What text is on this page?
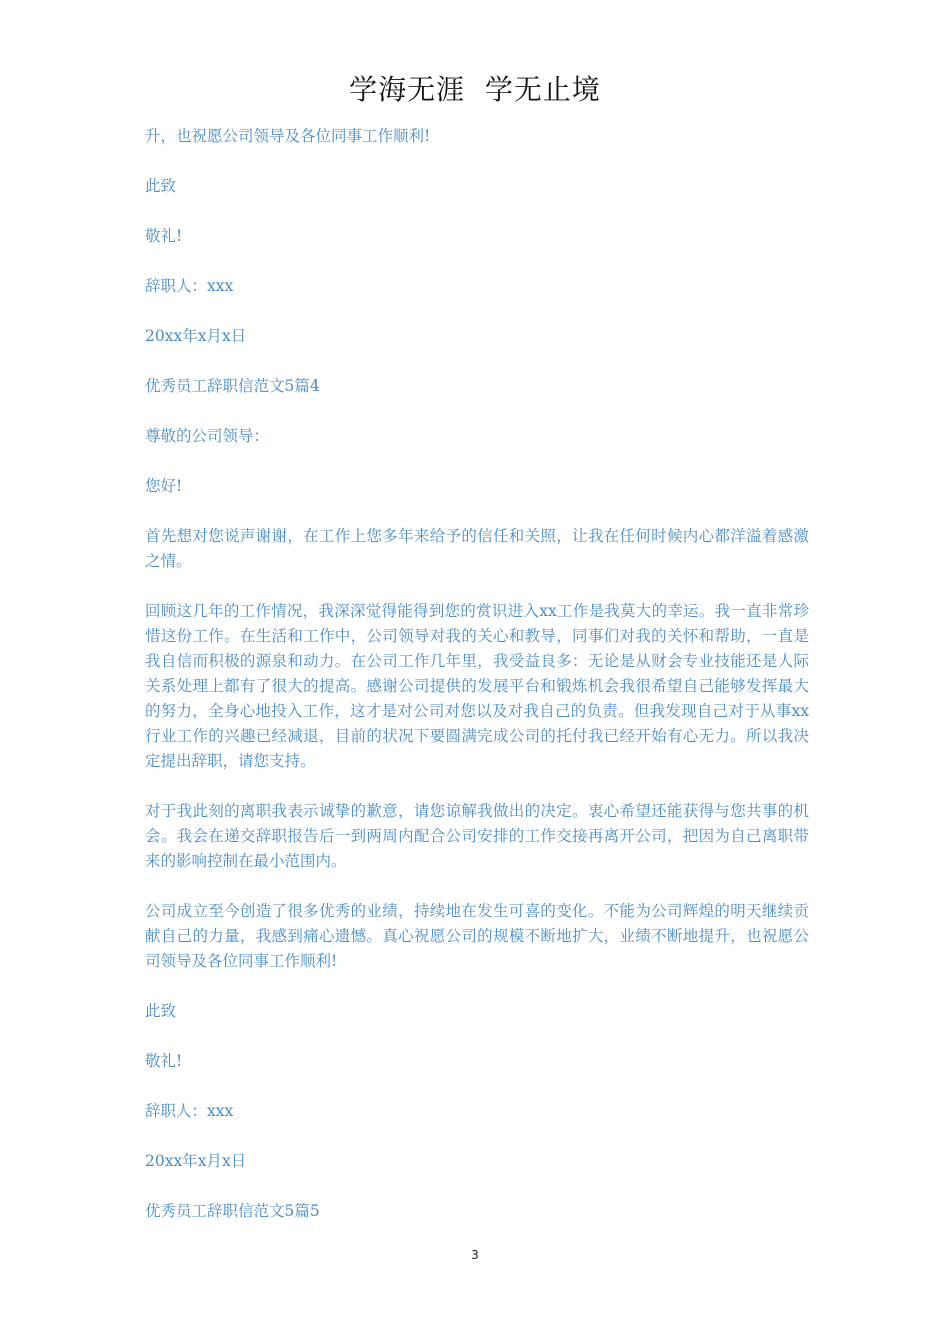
学海无涯  学无止境

升，也祝愿公司领导及各位同事工作顺利!

此致

敬礼!

辞职人：xxx

20xx年x月x日

优秀员工辞职信范文5篇4

尊敬的公司领导：

您好!

首先想对您说声谢谢，在工作上您多年来给予的信任和关照，让我在任何时候内心都洋溢着感激之情。

回顾这几年的工作情况，我深深觉得能得到您的赏识进入xx工作是我莫大的幸运。我一直非常珍惜这份工作。在生活和工作中，公司领导对我的关心和教导，同事们对我的关怀和帮助，一直是我自信而积极的源泉和动力。在公司工作几年里，我受益良多：无论是从财会专业技能还是人际关系处理上都有了很大的提高。感谢公司提供的发展平台和锻炼机会我很希望自己能够发挥最大的努力，全身心地投入工作，这才是对公司对您以及对我自己的负责。但我发现自己对于从事xx行业工作的兴趣已经减退，目前的状况下要圆满完成公司的托付我已经开始有心无力。所以我决定提出辞职，请您支持。

对于我此刻的离职我表示诚挚的歉意，请您谅解我做出的决定。衷心希望还能获得与您共事的机会。我会在递交辞职报告后一到两周内配合公司安排的工作交接再离开公司，把因为自己离职带来的影响控制在最小范围内。

公司成立至今创造了很多优秀的业绩，持续地在发生可喜的变化。不能为公司辉煌的明天继续贡献自己的力量，我感到痛心遗憾。真心祝愿公司的规模不断地扩大，业绩不断地提升，也祝愿公司领导及各位同事工作顺利!

此致

敬礼!

辞职人：xxx

20xx年x月x日

优秀员工辞职信范文5篇5

3
